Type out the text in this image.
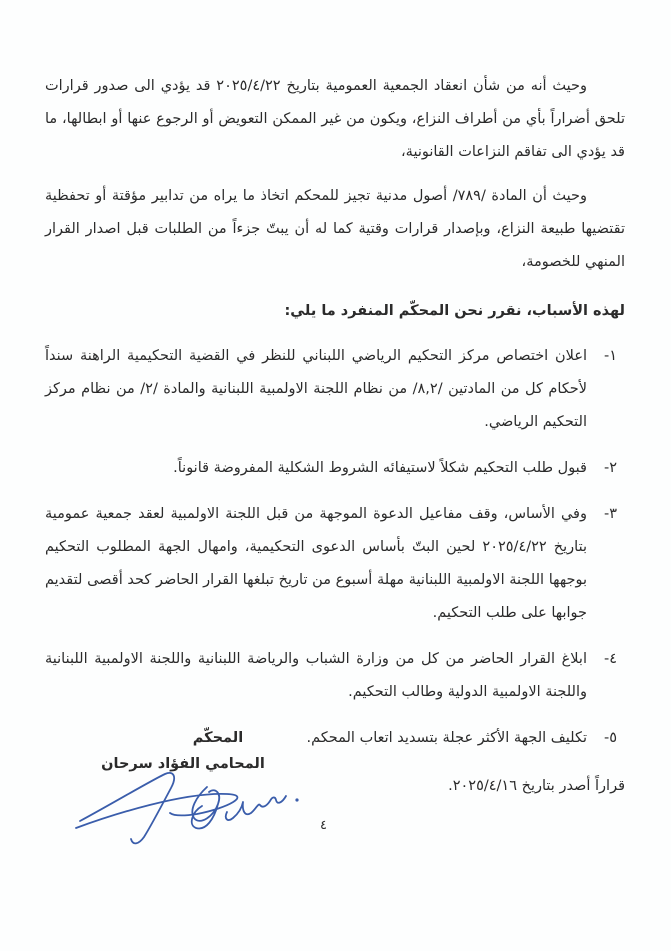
وحيث أنه من شأن انعقاد الجمعية العمومية بتاريخ ٢٠٢٥/٤/٢٢ قد يؤدي الى صدور قرارات تلحق أضراراً بأي من أطراف النزاع، ويكون من غير الممكن التعويض أو الرجوع عنها أو ابطالها، ما قد يؤدي الى تفاقم النزاعات القانونية،

وحيث أن المادة /٧٨٩/ أصول مدنية تجيز للمحكم اتخاذ ما يراه من تدابير مؤقتة أو تحفظية تقتضيها طبيعة النزاع، وبإصدار قرارات وقتية كما له أن يبتّ جزءاً من الطلبات قبل اصدار القرار المنهي للخصومة،

لهذه الأسباب، نقرر نحن المحكّم المنفرد ما يلي:

١-
اعلان اختصاص مركز التحكيم الرياضي اللبناني للنظر في القضية التحكيمية الراهنة سنداً لأحكام كل من المادتين /٨,٢/ من نظام اللجنة الاولمبية اللبنانية والمادة /٢/ من نظام مركز التحكيم الرياضي.
٢-
قبول طلب التحكيم شكلاً لاستيفائه الشروط الشكلية المفروضة قانوناً.
٣-
وفي الأساس، وقف مفاعيل الدعوة الموجهة من قبل اللجنة الاولمبية لعقد جمعية عمومية بتاريخ ٢٠٢٥/٤/٢٢ لحين البتّ بأساس الدعوى التحكيمية، وامهال الجهة المطلوب التحكيم بوجهها اللجنة الاولمبية اللبنانية مهلة أسبوع من تاريخ تبلغها القرار الحاضر كحد أقصى لتقديم جوابها على طلب التحكيم.
٤-
ابلاغ القرار الحاضر من كل من وزارة الشباب والرياضة اللبنانية واللجنة الاولمبية اللبنانية واللجنة الاولمبية الدولية وطالب التحكيم.
٥-
تكليف الجهة الأكثر عجلة بتسديد اتعاب المحكم.

قراراً أصدر بتاريخ ٢٠٢٥/٤/١٦.

المحكّم
المحامي الفؤاد سرحان
٤
